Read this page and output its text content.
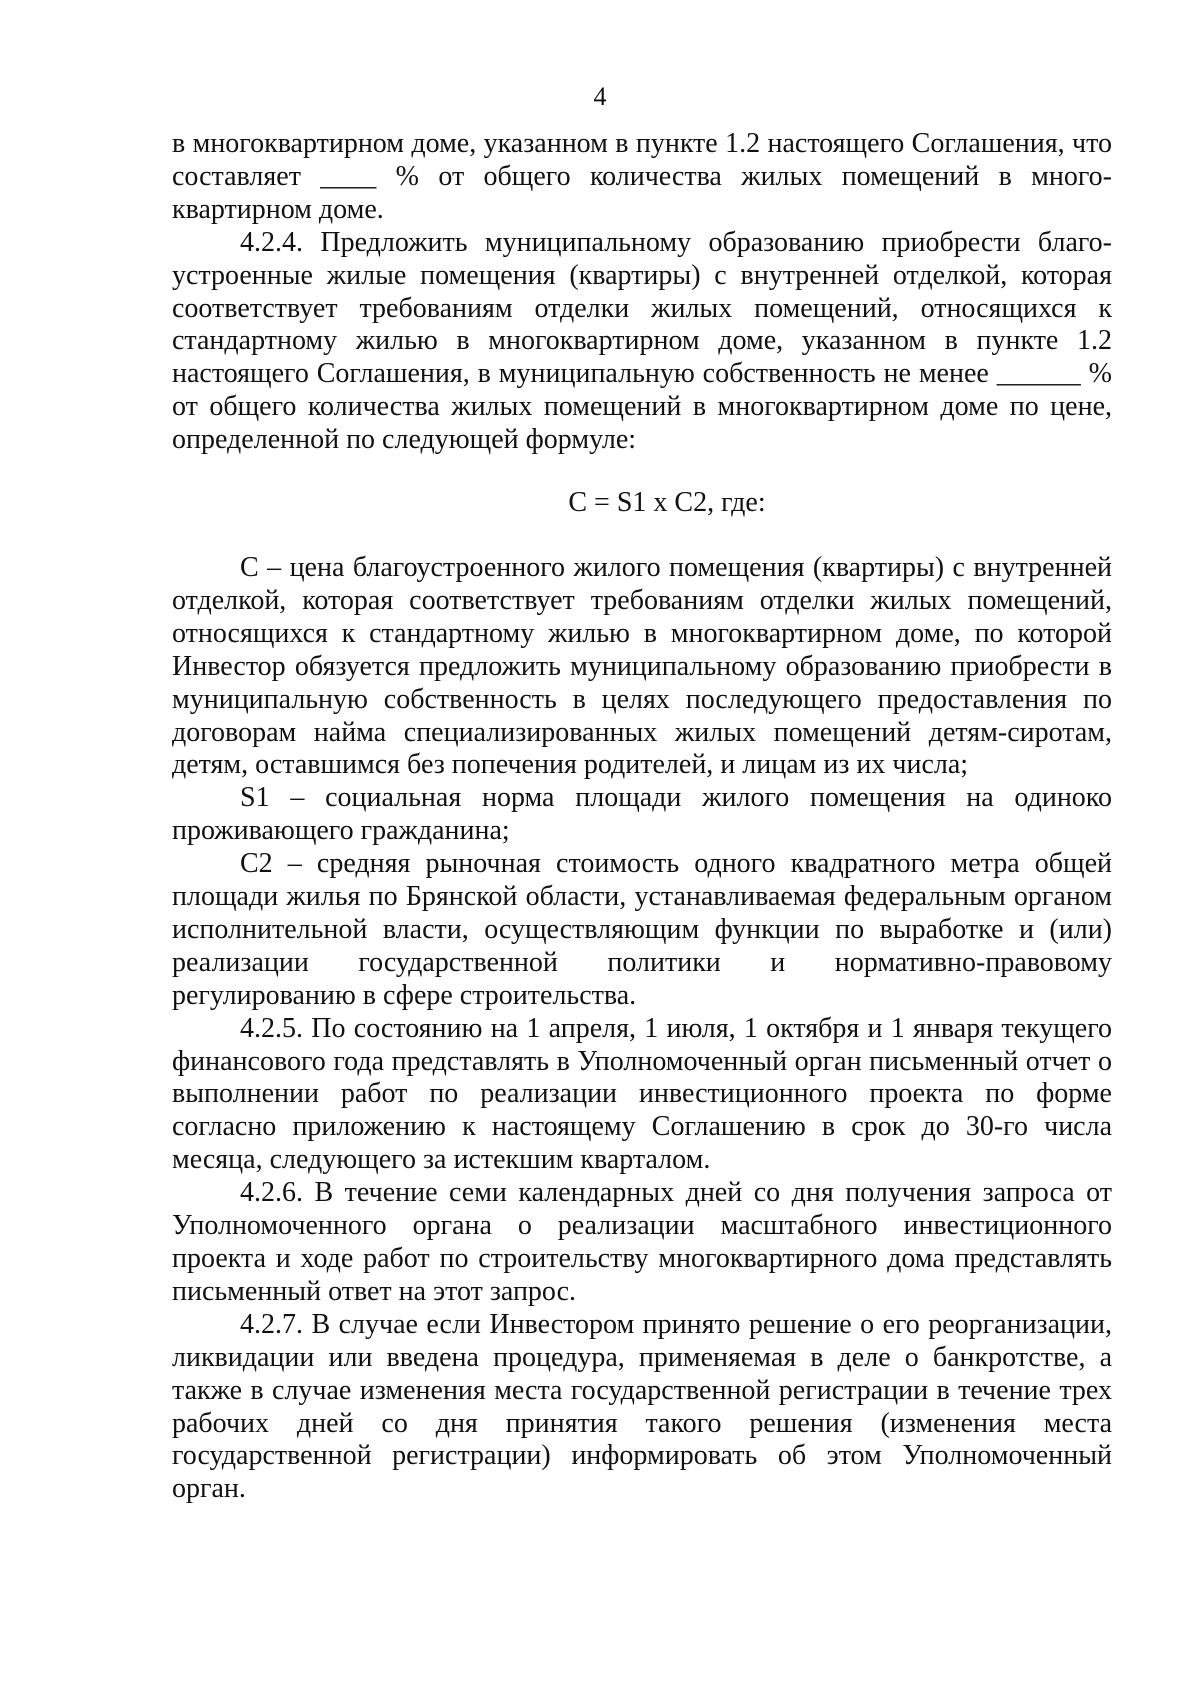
4

в многоквартирном доме, указанном в пункте 1.2 настоящего Соглашения, что составляет ____ % от общего количества жилых помещений в много-квартирном доме.

4.2.4. Предложить муниципальному образованию приобрести благо-устроенные жилые помещения (квартиры) с внутренней отделкой, которая соответствует требованиям отделки жилых помещений, относящихся к стандартному жилью в многоквартирном доме, указанном в пункте 1.2 настоящего Соглашения, в муниципальную собственность не менее ______ % от общего количества жилых помещений в многоквартирном доме по цене, определенной по следующей формуле:

С = S1 х С2, где:

С – цена благоустроенного жилого помещения (квартиры) с внутренней отделкой, которая соответствует требованиям отделки жилых помещений, относящихся к стандартному жилью в многоквартирном доме, по которой Инвестор обязуется предложить муниципальному образованию приобрести в муниципальную собственность в целях последующего предоставления по договорам найма специализированных жилых помещений детям-сиротам, детям, оставшимся без попечения родителей, и лицам из их числа;

S1 – социальная норма площади жилого помещения на одиноко проживающего гражданина;

С2 – средняя рыночная стоимость одного квадратного метра общей площади жилья по Брянской области, устанавливаемая федеральным органом исполнительной власти, осуществляющим функции по выработке и (или) реализации государственной политики и нормативно-правовому регулированию в сфере строительства.

4.2.5. По состоянию на 1 апреля, 1 июля, 1 октября и 1 января текущего финансового года представлять в Уполномоченный орган письменный отчет о выполнении работ по реализации инвестиционного проекта по форме согласно приложению к настоящему Соглашению в срок до 30-го числа месяца, следующего за истекшим кварталом.

4.2.6. В течение семи календарных дней со дня получения запроса от Уполномоченного органа о реализации масштабного инвестиционного проекта и ходе работ по строительству многоквартирного дома представлять письменный ответ на этот запрос.

4.2.7. В случае если Инвестором принято решение о его реорганизации, ликвидации или введена процедура, применяемая в деле о банкротстве, а также в случае изменения места государственной регистрации в течение трех рабочих дней со дня принятия такого решения (изменения места государственной регистрации) информировать об этом Уполномоченный орган.
